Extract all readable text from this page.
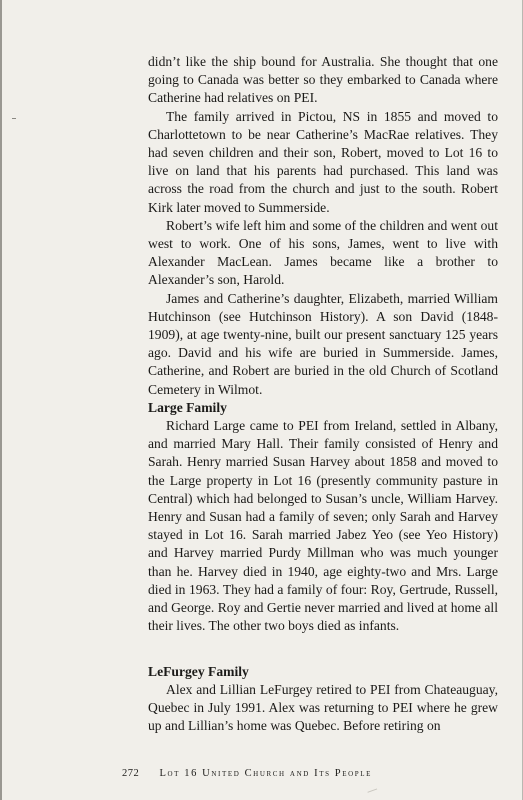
didn’t like the ship bound for Australia. She thought that one going to Canada was better so they embarked to Canada where Catherine had relatives on PEI.

The family arrived in Pictou, NS in 1855 and moved to Charlottetown to be near Catherine’s MacRae relatives. They had seven children and their son, Robert, moved to Lot 16 to live on land that his parents had purchased. This land was across the road from the church and just to the south. Robert Kirk later moved to Summerside.

Robert’s wife left him and some of the children and went out west to work. One of his sons, James, went to live with Alexander MacLean. James became like a brother to Alexander’s son, Harold.

James and Catherine’s daughter, Elizabeth, married William Hutchinson (see Hutchinson History). A son David (1848-1909), at age twenty-nine, built our present sanctuary 125 years ago. David and his wife are buried in Summerside. James, Catherine, and Robert are buried in the old Church of Scotland Cemetery in Wilmot.

Large Family

Richard Large came to PEI from Ireland, settled in Albany, and married Mary Hall. Their family consisted of Henry and Sarah. Henry married Susan Harvey about 1858 and moved to the Large property in Lot 16 (presently community pasture in Central) which had belonged to Susan’s uncle, William Harvey. Henry and Susan had a family of seven; only Sarah and Harvey stayed in Lot 16. Sarah married Jabez Yeo (see Yeo History) and Harvey married Purdy Millman who was much younger than he. Harvey died in 1940, age eighty-two and Mrs. Large died in 1963. They had a family of four: Roy, Gertrude, Russell, and George. Roy and Gertie never married and lived at home all their lives. The other two boys died as infants.

LeFurgey Family

Alex and Lillian LeFurgey retired to PEI from Chateauguay, Quebec in July 1991. Alex was returning to PEI where he grew up and Lillian’s home was Quebec. Before retiring on

272 Lot 16 United Church and Its People
